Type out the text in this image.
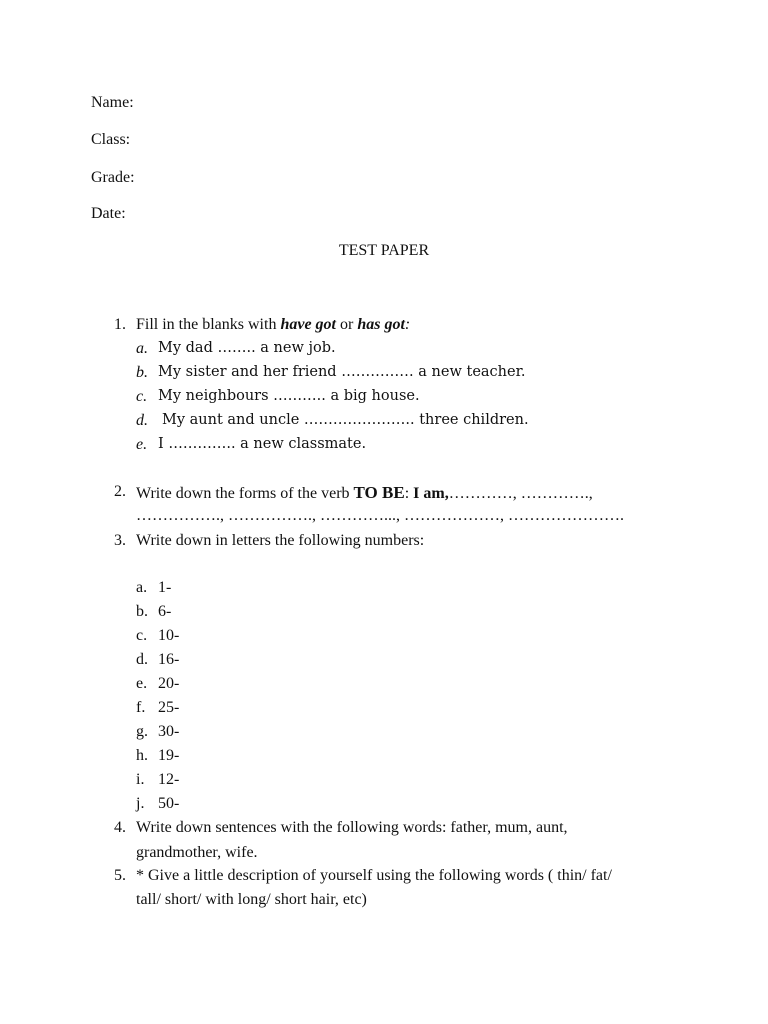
Name:
Class:
Grade:
Date:
TEST PAPER
1. Fill in the blanks with have got or has got:
a. My dad …….. a new job.
b. My sister and her friend …………… a new teacher.
c. My neighbours ……….. a big house.
d. My aunt and uncle ………………….. three children.
e. I ………….. a new classmate.
2. Write down the forms of the verb TO BE: I am,…………, ………….,
……………., ……………., …………..., ………………, ………………….
3. Write down in letters the following numbers:
a. 1-
b. 6-
c. 10-
d. 16-
e. 20-
f. 25-
g. 30-
h. 19-
i. 12-
j. 50-
4. Write down sentences with the following words: father, mum, aunt,
grandmother, wife.
5. * Give a little description of yourself using the following words ( thin/ fat/
tall/ short/ with long/ short hair, etc)
